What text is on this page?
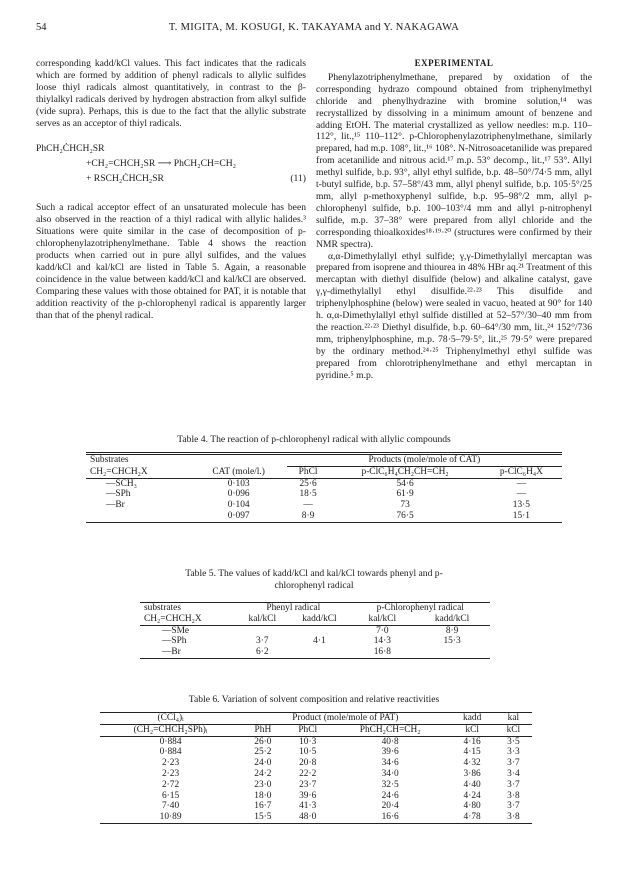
54	T. MIGITA, M. KOSUGI, K. TAKAYAMA and Y. NAKAGAWA

corresponding kadd/kCl values. This fact indicates that the radicals which are formed by addition of phenyl radicals to allylic sulfides loose thiyl radicals almost quantitatively, in contrast to the β-thiylalkyl radicals derived by hydrogen abstraction from alkyl sulfide (vide supra). Perhaps, this is due to the fact that the allylic substrate serves as an acceptor of thiyl radicals.

PhCH₂ĊHCH₂SR
+CH₂=CHCH₂SR ⟶ PhCH₂CH=CH₂
+ RSCH₂ĊHCH₂SR	(11)

Such a radical acceptor effect of an unsaturated molecule has been also observed in the reaction of a thiyl radical with allylic halides.³ Situations were quite similar in the case of decomposition of p-chlorophenylazotriphenylmethane. Table 4 shows the reaction products when carried out in pure allyl sulfides, and the values kadd/kCl and kal/kCl are listed in Table 5. Again, a reasonable coincidence in the value between kadd/kCl and kal/kCl are observed. Comparing these values with those obtained for PAT, it is notable that addition reactivity of the p-chlorophenyl radical is apparently larger than that of the phenyl radical.

EXPERIMENTAL

Phenylazotriphenylmethane, prepared by oxidation of the corresponding hydrazo compound obtained from triphenylmethyl chloride and phenylhydrazine with bromine solution,¹⁴ was recrystallized by dissolving in a minimum amount of benzene and adding EtOH. The material crystallized as yellow needles: m.p. 110–112°, lit.,¹⁵ 110–112°. p-Chlorophenylazotriphenylmethane, similarly prepared, had m.p. 108°, lit.,¹⁶ 108°. N-Nitrosoacetanilide was prepared from acetanilide and nitrous acid.¹⁷ m.p. 53° decomp., lit.,¹⁷ 53°. Allyl methyl sulfide, b.p. 93°, allyl ethyl sulfide, b.p. 48–50°/74·5 mm, allyl t-butyl sulfide, b.p. 57–58°/43 mm, allyl phenyl sulfide, b.p. 105·5°/25 mm, allyl p-methoxyphenyl sulfide, b.p. 95–98°/2 mm, allyl p-chlorophenyl sulfide, b.p. 100–103°/4 mm and allyl p-nitrophenyl sulfide, m.p. 37–38° were prepared from allyl chloride and the corresponding thioalkoxides¹⁸·¹⁹·²⁰ (structures were confirmed by their NMR spectra).

α,α-Dimethylallyl ethyl sulfide; γ,γ-Dimethylallyl mercaptan was prepared from isoprene and thiourea in 48% HBr aq.²¹ Treatment of this mercaptan with diethyl disulfide (below) and alkaline catalyst, gave γ,γ-dimethylallyl ethyl disulfide.²²·²³ This disulfide and triphenylphosphine (below) were sealed in vacuo, heated at 90° for 140 h. α,α-Dimethylallyl ethyl sulfide distilled at 52–57°/30–40 mm from the reaction.²²·²³ Diethyl disulfide, b.p. 60–64°/30 mm, lit.,²⁴ 152°/736 mm, triphenylphosphine, m.p. 78·5–79·5°, lit.,²⁵ 79·5° were prepared by the ordinary method.²⁴·²⁵ Triphenylmethyl ethyl sulfide was prepared from chlorotriphenylmethane and ethyl mercaptan in pyridine.⁵ m.p.

Table 4. The reaction of p-chlorophenyl radical with allylic compounds
Substrates		Products (mole/mole of CAT)		
CH₂=CHCH₂X	CAT (mole/l.)	PhCl	p-ClC₆H₄CH₂CH=CH₂	p-ClC₆H₄X
—SCH₃	0·103	25·6	54·6	—
—SPh	0·096	18·5	61·9	—
—Br	0·104	—	73	13·5
	0·097	8·9	76·5	15·1
Table 5. The values of kadd/kCl and kal/kCl towards phenyl and p-
chlorophenyl radical
substrates	Phenyl radical		p-Chlorophenyl radical	
CH₂=CHCH₂X	kal/kCl	kadd/kCl	kal/kCl	kadd/kCl
—SMe			7·0	8·9
—SPh	3·7	4·1	14·3	15·3
—Br	6·2		16·8	
Table 6. Variation of solvent composition and relative reactivities
(CCl₄)ᵢ	Product (mole/mole of PAT)			kadd	kal
(CH₂=CHCH₂SPh)ᵢ	PhH	PhCl	PhCH₂CH=CH₂	kCl	kCl
0·884	26·0	10·3	40·8	4·16	3·5
0·884	25·2	10·5	39·6	4·15	3·3
2·23	24·0	20·8	34·6	4·32	3·7
2·23	24·2	22·2	34·0	3·86	3·4
2·72	23·0	23·7	32·5	4·40	3·7
6·15	18·0	39·6	24·6	4·24	3·8
7·40	16·7	41·3	20·4	4·80	3·7
10·89	15·5	48·0	16·6	4·78	3·8
